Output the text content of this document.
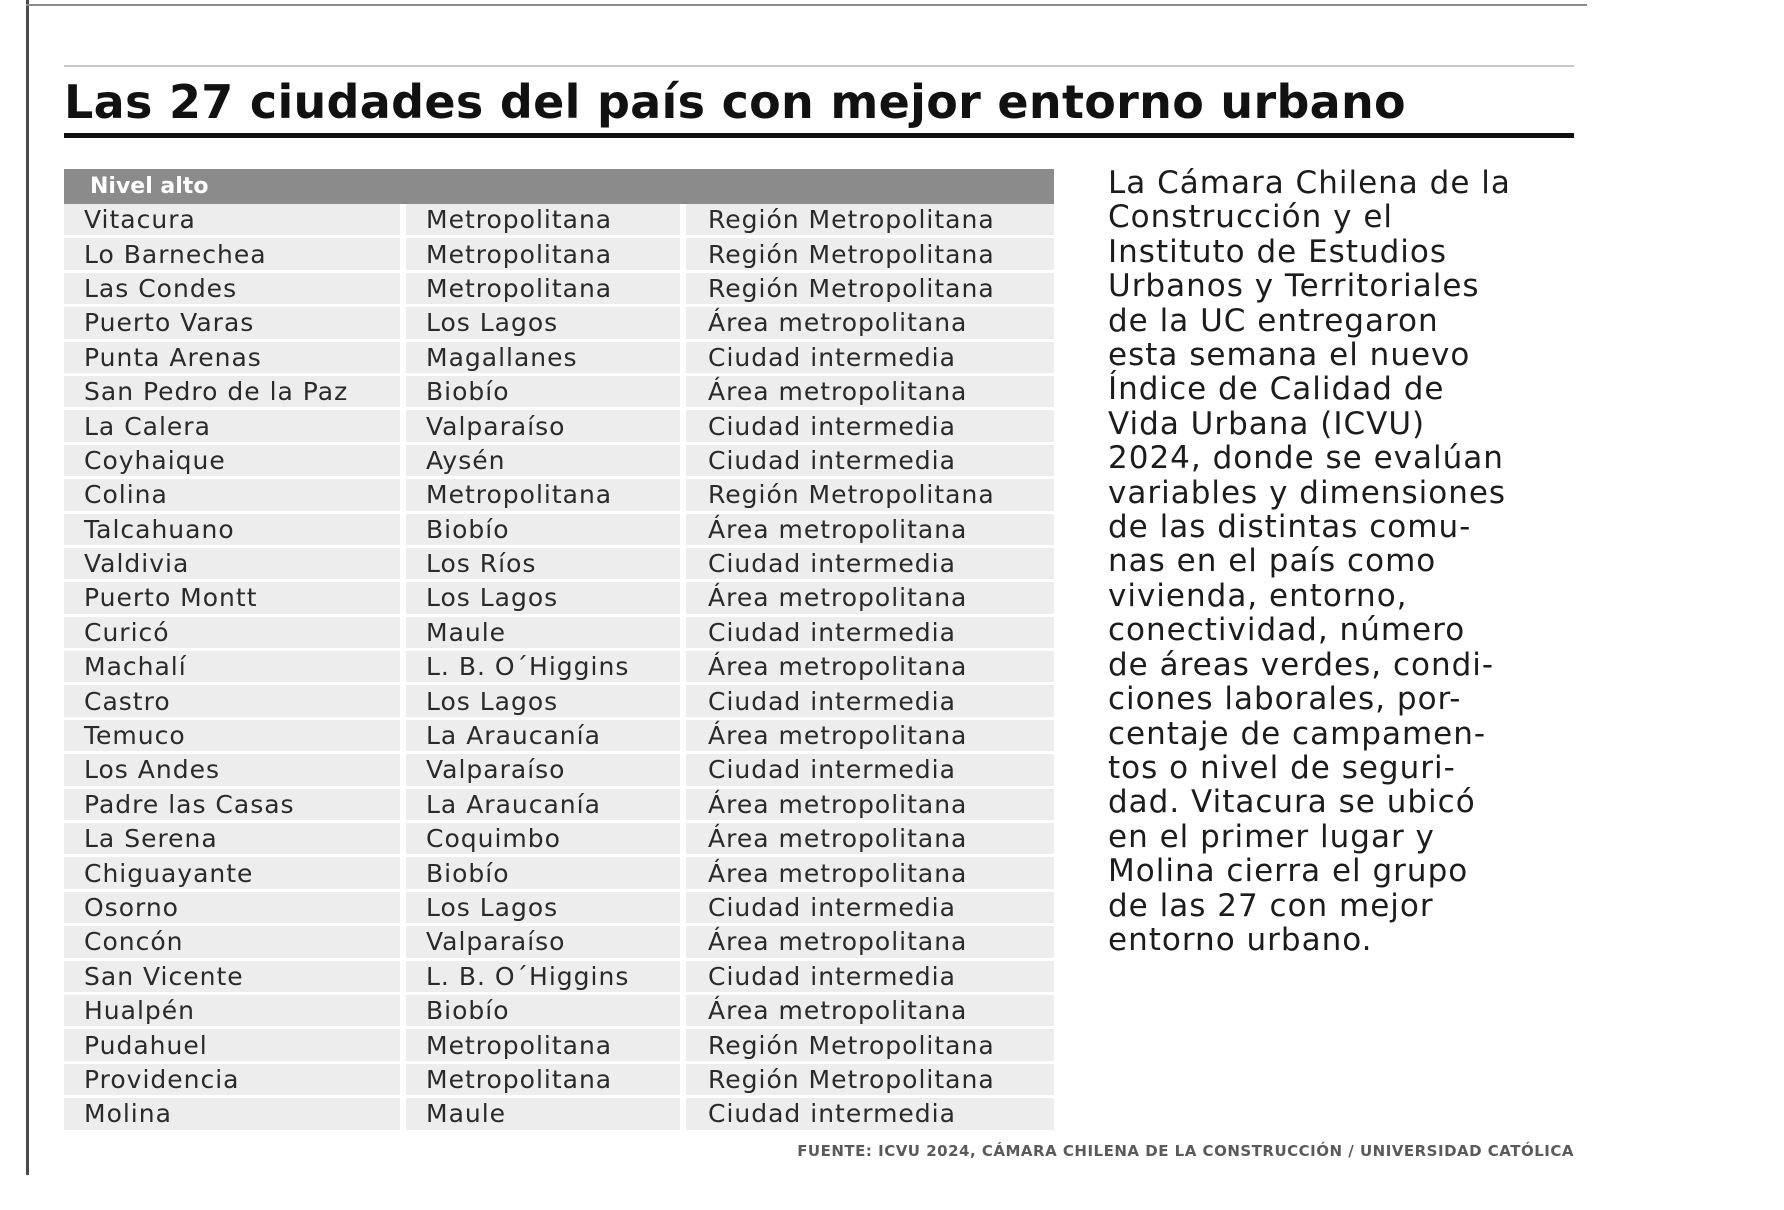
Las 27 ciudades del país con mejor entorno urbano
Nivel alto
Vitacura	Metropolitana	Región Metropolitana
Lo Barnechea	Metropolitana	Región Metropolitana
Las Condes	Metropolitana	Región Metropolitana
Puerto Varas	Los Lagos	Área metropolitana
Punta Arenas	Magallanes	Ciudad intermedia
San Pedro de la Paz	Biobío	Área metropolitana
La Calera	Valparaíso	Ciudad intermedia
Coyhaique	Aysén	Ciudad intermedia
Colina	Metropolitana	Región Metropolitana
Talcahuano	Biobío	Área metropolitana
Valdivia	Los Ríos	Ciudad intermedia
Puerto Montt	Los Lagos	Área metropolitana
Curicó	Maule	Ciudad intermedia
Machalí	L. B. O´Higgins	Área metropolitana
Castro	Los Lagos	Ciudad intermedia
Temuco	La Araucanía	Área metropolitana
Los Andes	Valparaíso	Ciudad intermedia
Padre las Casas	La Araucanía	Área metropolitana
La Serena	Coquimbo	Área metropolitana
Chiguayante	Biobío	Área metropolitana
Osorno	Los Lagos	Ciudad intermedia
Concón	Valparaíso	Área metropolitana
San Vicente	L. B. O´Higgins	Ciudad intermedia
Hualpén	Biobío	Área metropolitana
Pudahuel	Metropolitana	Región Metropolitana
Providencia	Metropolitana	Región Metropolitana
Molina	Maule	Ciudad intermedia

La Cámara Chilena de la
Construcción y el
Instituto de Estudios
Urbanos y Territoriales
de la UC entregaron
esta semana el nuevo
Índice de Calidad de
Vida Urbana (ICVU)
2024, donde se evalúan
variables y dimensiones
de las distintas comu-
nas en el país como
vivienda, entorno,
conectividad, número
de áreas verdes, condi-
ciones laborales, por-
centaje de campamen-
tos o nivel de seguri-
dad. Vitacura se ubicó
en el primer lugar y
Molina cierra el grupo
de las 27 con mejor
entorno urbano.

FUENTE: ICVU 2024, CÁMARA CHILENA DE LA CONSTRUCCIÓN / UNIVERSIDAD CATÓLICA
